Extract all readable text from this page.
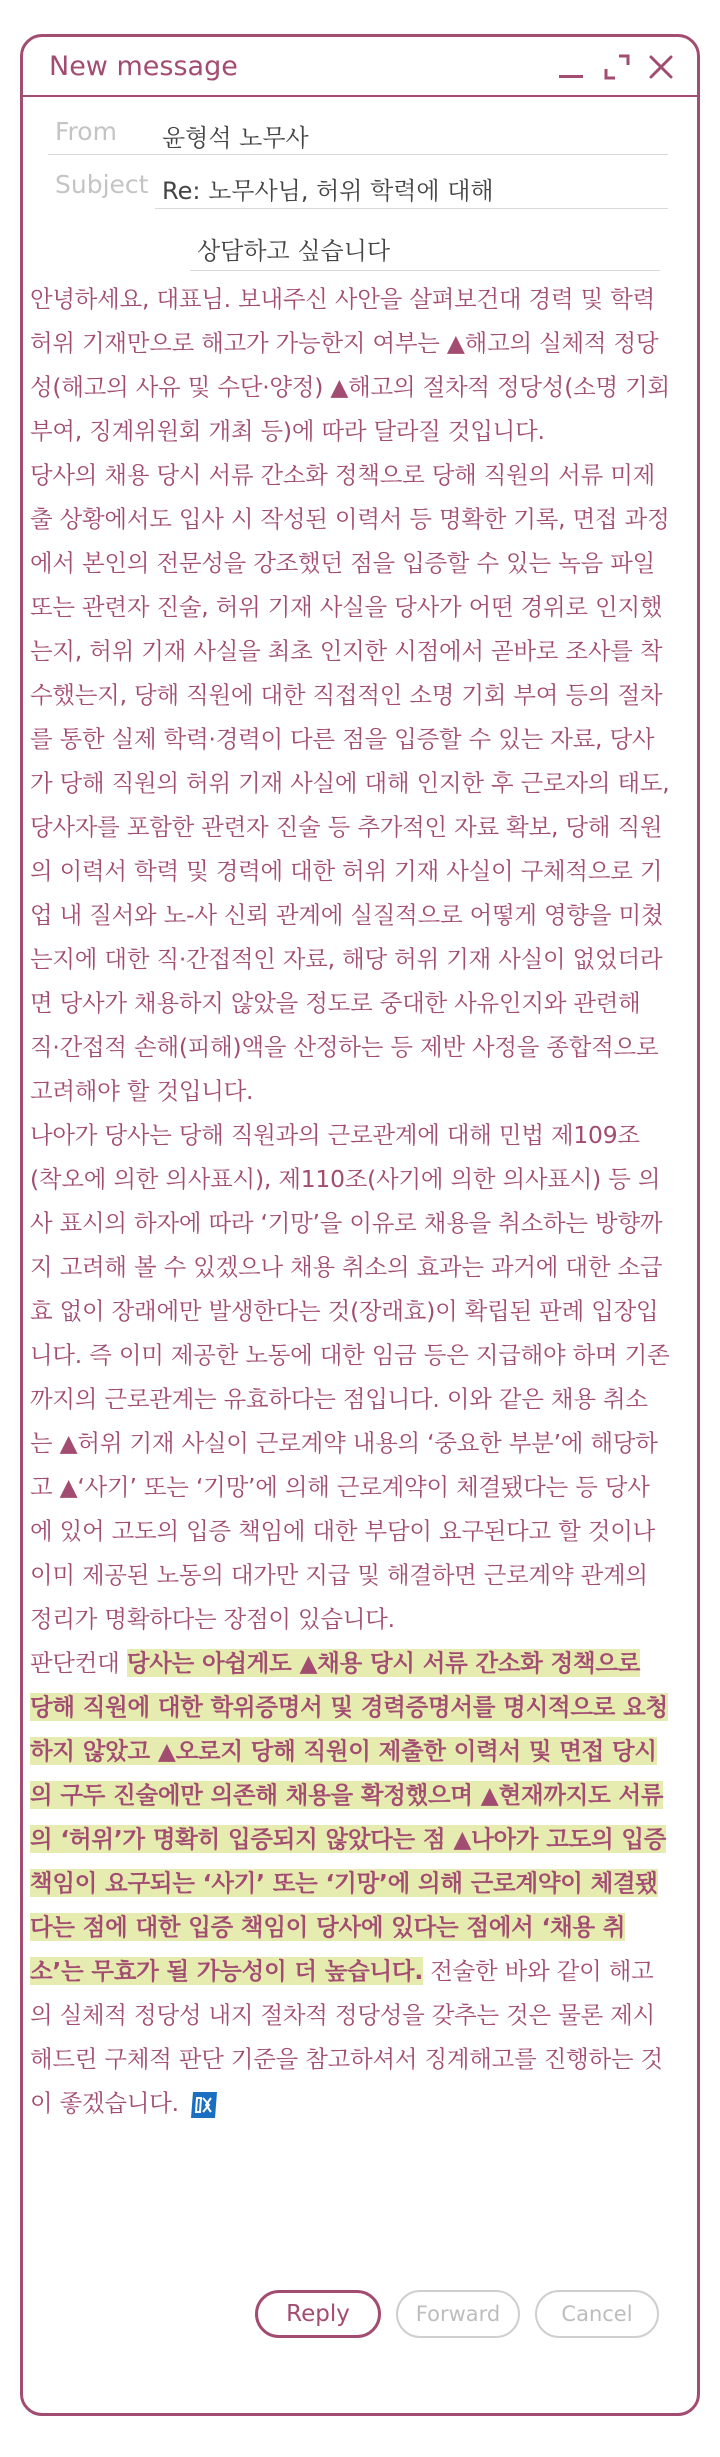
New message
From 윤형석 노무사
Subject Re: 노무사님, 허위 학력에 대해
상담하고 싶습니다

안녕하세요, 대표님. 보내주신 사안을 살펴보건대 경력 및 학력 허위 기재만으로 해고가 가능한지 여부는 ▲해고의 실체적 정당성(해고의 사유 및 수단·양정) ▲해고의 절차적 정당성(소명 기회 부여, 징계위원회 개최 등)에 따라 달라질 것입니다.

당사의 채용 당시 서류 간소화 정책으로 당해 직원의 서류 미제출 상황에서도 입사 시 작성된 이력서 등 명확한 기록, 면접 과정에서 본인의 전문성을 강조했던 점을 입증할 수 있는 녹음 파일 또는 관련자 진술, 허위 기재 사실을 당사가 어떤 경위로 인지했는지, 허위 기재 사실을 최초 인지한 시점에서 곧바로 조사를 착수했는지, 당해 직원에 대한 직접적인 소명 기회 부여 등의 절차를 통한 실제 학력·경력이 다른 점을 입증할 수 있는 자료, 당사가 당해 직원의 허위 기재 사실에 대해 인지한 후 근로자의 태도, 당사자를 포함한 관련자 진술 등 추가적인 자료 확보, 당해 직원의 이력서 학력 및 경력에 대한 허위 기재 사실이 구체적으로 기업 내 질서와 노-사 신뢰 관계에 실질적으로 어떻게 영향을 미쳤는지에 대한 직·간접적인 자료, 해당 허위 기재 사실이 없었더라면 당사가 채용하지 않았을 정도로 중대한 사유인지와 관련해 직·간접적 손해(피해)액을 산정하는 등 제반 사정을 종합적으로 고려해야 할 것입니다.

나아가 당사는 당해 직원과의 근로관계에 대해 민법 제109조(착오에 의한 의사표시), 제110조(사기에 의한 의사표시) 등 의사 표시의 하자에 따라 ‘기망’을 이유로 채용을 취소하는 방향까지 고려해 볼 수 있겠으나 채용 취소의 효과는 과거에 대한 소급효 없이 장래에만 발생한다는 것(장래효)이 확립된 판례 입장입니다. 즉 이미 제공한 노동에 대한 임금 등은 지급해야 하며 기존까지의 근로관계는 유효하다는 점입니다. 이와 같은 채용 취소는 ▲허위 기재 사실이 근로계약 내용의 ‘중요한 부분’에 해당하고 ▲‘사기’ 또는 ‘기망’에 의해 근로계약이 체결됐다는 등 당사에 있어 고도의 입증 책임에 대한 부담이 요구된다고 할 것이나 이미 제공된 노동의 대가만 지급 및 해결하면 근로계약 관계의 정리가 명확하다는 장점이 있습니다.

판단컨대 당사는 아쉽게도 ▲채용 당시 서류 간소화 정책으로 당해 직원에 대한 학위증명서 및 경력증명서를 명시적으로 요청하지 않았고 ▲오로지 당해 직원이 제출한 이력서 및 면접 당시의 구두 진술에만 의존해 채용을 확정했으며 ▲현재까지도 서류의 ‘허위’가 명확히 입증되지 않았다는 점 ▲나아가 고도의 입증 책임이 요구되는 ‘사기’ 또는 ‘기망’에 의해 근로계약이 체결됐다는 점에 대한 입증 책임이 당사에 있다는 점에서 ‘채용 취소’는 무효가 될 가능성이 더 높습니다. 전술한 바와 같이 해고의 실체적 정당성 내지 절차적 정당성을 갖추는 것은 물론 제시해드린 구체적 판단 기준을 참고하셔서 징계해고를 진행하는 것이 좋겠습니다.

Reply	Forward	Cancel
